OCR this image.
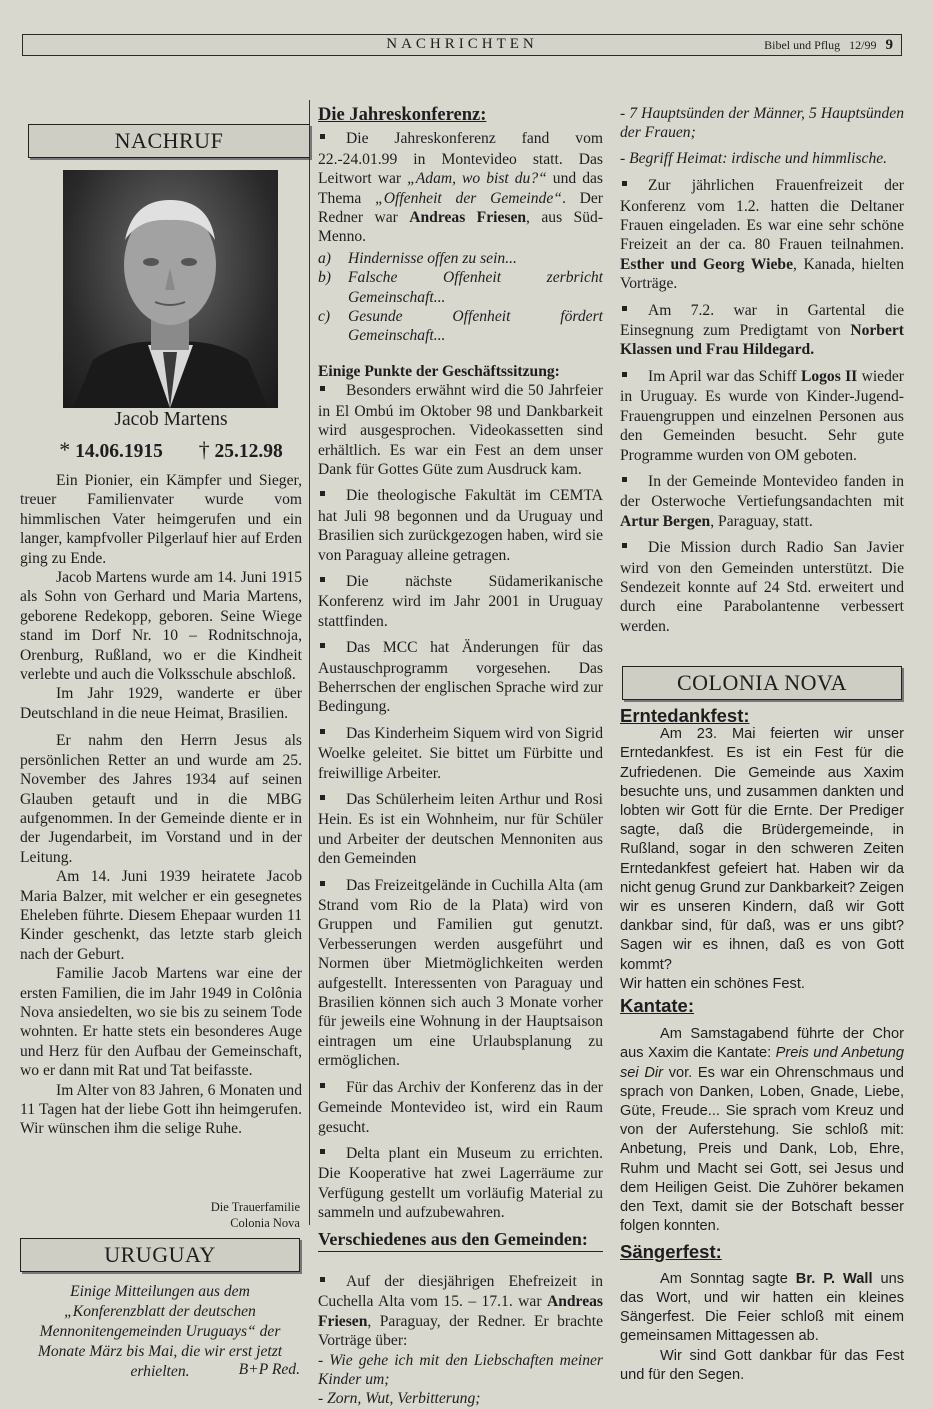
NACHRICHTEN	Bibel und Pflug 12/99 9
NACHRUF
Jacob Martens
* 14.06.1915 † 25.12.98

Ein Pionier, ein Kämpfer und Sieger, treuer Familienvater wurde vom himmlischen Vater heimgerufen und ein langer, kampfvoller Pilgerlauf hier auf Erden ging zu Ende.

Jacob Martens wurde am 14. Juni 1915 als Sohn von Gerhard und Maria Martens, geborene Redekopp, geboren. Seine Wiege stand im Dorf Nr. 10 – Rodnitschnoja, Orenburg, Rußland, wo er die Kindheit verlebte und auch die Volksschule abschloß.

Im Jahr 1929, wanderte er über Deutschland in die neue Heimat, Brasilien.

Er nahm den Herrn Jesus als persönlichen Retter an und wurde am 25. November des Jahres 1934 auf seinen Glauben getauft und in die MBG aufgenommen. In der Gemeinde diente er in der Jugendarbeit, im Vorstand und in der Leitung.

Am 14. Juni 1939 heiratete Jacob Maria Balzer, mit welcher er ein gesegnetes Eheleben führte. Diesem Ehepaar wurden 11 Kinder geschenkt, das letzte starb gleich nach der Geburt.

Familie Jacob Martens war eine der ersten Familien, die im Jahr 1949 in Colônia Nova ansiedelten, wo sie bis zu seinem Tode wohnten. Er hatte stets ein besonderes Auge und Herz für den Aufbau der Gemeinschaft, wo er dann mit Rat und Tat beifasste.

Im Alter von 83 Jahren, 6 Monaten und 11 Tagen hat der liebe Gott ihn heimgerufen. Wir wünschen ihm die selige Ruhe.

Die Trauerfamilie
Colonia Nova
URUGUAY

Einige Mitteilungen aus dem „Konferenzblatt der deutschen Mennonitengemeinden Uruguays“ der Monate März bis Mai, die wir erst jetzt erhielten.	B+P Red.
Die Jahreskonferenz:

Die Jahreskonferenz fand vom 22.-24.01.99 in Montevideo statt. Das Leitwort war „Adam, wo bist du?“ und das Thema „Offenheit der Gemeinde“. Der Redner war Andreas Friesen, aus Süd-Menno.

a) Hindernisse offen zu sein...

b) Falsche Offenheit zerbricht Gemeinschaft...

c) Gesunde Offenheit fördert Gemeinschaft...

Einige Punkte der Geschäftssitzung:

Besonders erwähnt wird die 50 Jahrfeier in El Ombú im Oktober 98 und Dankbarkeit wird ausgesprochen. Videokassetten sind erhältlich. Es war ein Fest an dem unser Dank für Gottes Güte zum Ausdruck kam.

Die theologische Fakultät im CEMTA hat Juli 98 begonnen und da Uruguay und Brasilien sich zurückgezogen haben, wird sie von Paraguay alleine getragen.

Die nächste Südamerikanische Konferenz wird im Jahr 2001 in Uruguay stattfinden.

Das MCC hat Änderungen für das Austauschprogramm vorgesehen. Das Beherrschen der englischen Sprache wird zur Bedingung.

Das Kinderheim Siquem wird von Sigrid Woelke geleitet. Sie bittet um Fürbitte und freiwillige Arbeiter.

Das Schülerheim leiten Arthur und Rosi Hein. Es ist ein Wohnheim, nur für Schüler und Arbeiter der deutschen Mennoniten aus den Gemeinden

Das Freizeitgelände in Cuchilla Alta (am Strand vom Rio de la Plata) wird von Gruppen und Familien gut genutzt. Verbesserungen werden ausgeführt und Normen über Mietmöglichkeiten werden aufgestellt. Interessenten von Paraguay und Brasilien können sich auch 3 Monate vorher für jeweils eine Wohnung in der Hauptsaison eintragen um eine Urlaubsplanung zu ermöglichen.

Für das Archiv der Konferenz das in der Gemeinde Montevideo ist, wird ein Raum gesucht.

Delta plant ein Museum zu errichten. Die Kooperative hat zwei Lagerräume zur Verfügung gestellt um vorläufig Material zu sammeln und aufzubewahren.

Verschiedenes aus den Gemeinden:

Auf der diesjährigen Ehefreizeit in Cuchella Alta vom 15. – 17.1. war Andreas Friesen, Paraguay, der Redner. Er brachte Vorträge über:

- Wie gehe ich mit den Liebschaften meiner Kinder um;

- Zorn, Wut, Verbitterung;

- 7 Hauptsünden der Männer, 5 Hauptsünden der Frauen;

- Begriff Heimat: irdische und himmlische.

Zur jährlichen Frauenfreizeit der Konferenz vom 1.2. hatten die Deltaner Frauen eingeladen. Es war eine sehr schöne Freizeit an der ca. 80 Frauen teilnahmen. Esther und Georg Wiebe, Kanada, hielten Vorträge.

Am 7.2. war in Gartental die Einsegnung zum Predigtamt von Norbert Klassen und Frau Hildegard.

Im April war das Schiff Logos II wieder in Uruguay. Es wurde von Kinder-Jugend- Frauengruppen und einzelnen Personen aus den Gemeinden besucht. Sehr gute Programme wurden von OM geboten.

In der Gemeinde Montevideo fanden in der Osterwoche Vertiefungsandachten mit Artur Bergen, Paraguay, statt.

Die Mission durch Radio San Javier wird von den Gemeinden unterstützt. Die Sendezeit konnte auf 24 Std. erweitert und durch eine Parabolantenne verbessert werden.

COLONIA NOVA
Erntedankfest:

Am 23. Mai feierten wir unser Erntedankfest. Es ist ein Fest für die Zufriedenen. Die Gemeinde aus Xaxim besuchte uns, und zusammen dankten und lobten wir Gott für die Ernte. Der Prediger sagte, daß die Brüdergemeinde, in Rußland, sogar in den schweren Zeiten Erntedankfest gefeiert hat. Haben wir da nicht genug Grund zur Dankbarkeit? Zeigen wir es unseren Kindern, daß wir Gott dankbar sind, für daß, was er uns gibt? Sagen wir es ihnen, daß es von Gott kommt?

Wir hatten ein schönes Fest.

Kantate:

Am Samstagabend führte der Chor aus Xaxim die Kantate: Preis und Anbetung sei Dir vor. Es war ein Ohrenschmaus und sprach von Danken, Loben, Gnade, Liebe, Güte, Freude... Sie sprach vom Kreuz und von der Auferstehung. Sie schloß mit: Anbetung, Preis und Dank, Lob, Ehre, Ruhm und Macht sei Gott, sei Jesus und dem Heiligen Geist. Die Zuhörer bekamen den Text, damit sie der Botschaft besser folgen konnten.

Sängerfest:

Am Sonntag sagte Br. P. Wall uns das Wort, und wir hatten ein kleines Sängerfest. Die Feier schloß mit einem gemeinsamen Mittagessen ab.

Wir sind Gott dankbar für das Fest und für den Segen.
